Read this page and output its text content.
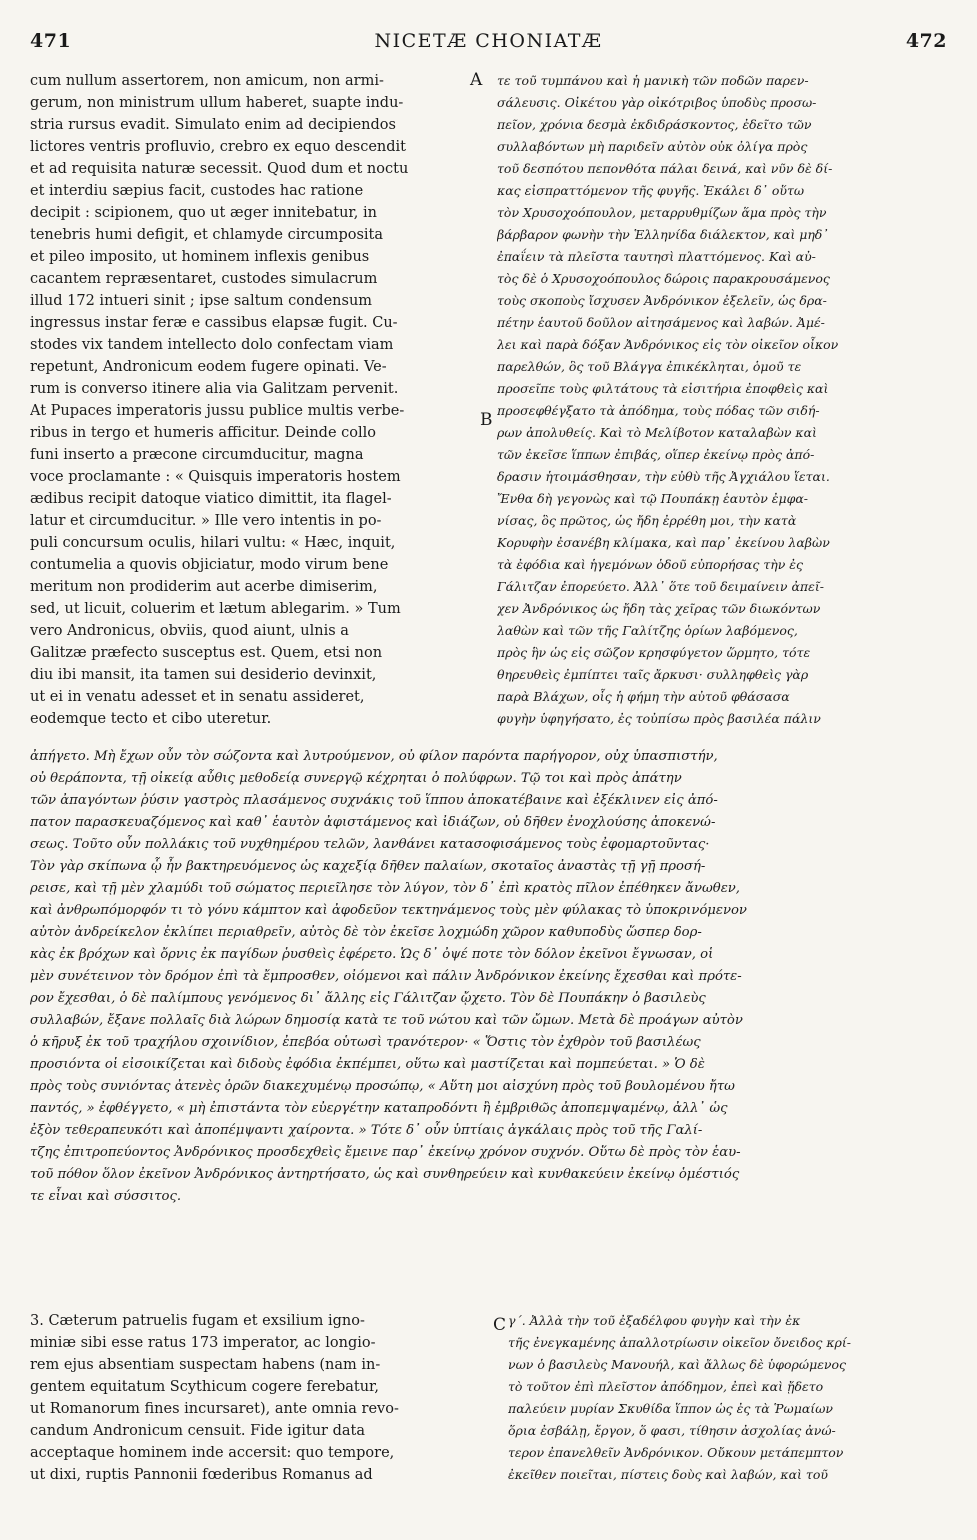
471	NICETÆ CHONIATÆ	472
A
B
C
cum nullum assertorem, non amicum, non armi-
gerum, non ministrum ullum haberet, suapte indu-
stria rursus evadit. Simulato enim ad decipiendos
lictores ventris profluvio, crebro ex equo descendit
et ad requisita naturæ secessit. Quod dum et noctu
et interdiu sæpius facit, custodes hac ratione
decipit : scipionem, quo ut æger innitebatur, in
tenebris humi defigit, et chlamyde circumposita
et pileo imposito, ut hominem inflexis genibus
cacantem repræsentaret, custodes simulacrum
illud 172 intueri sinit ; ipse saltum condensum
ingressus instar feræ e cassibus elapsæ fugit. Cu-
stodes vix tandem intellecto dolo confectam viam
repetunt, Andronicum eodem fugere opinati. Ve-
rum is converso itinere alia via Galitzam pervenit.
At Pupaces imperatoris jussu publice multis verbe-
ribus in tergo et humeris afficitur. Deinde collo
funi inserto a præcone circumducitur, magna
voce proclamante : « Quisquis imperatoris hostem
ædibus recipit datoque viatico dimittit, ita flagel-
latur et circumducitur. » Ille vero intentis in po-
puli concursum oculis, hilari vultu: « Hæc, inquit,
contumelia a quovis objiciatur, modo virum bene
meritum non prodiderim aut acerbe dimiserim,
sed, ut licuit, coluerim et lætum ablegarim. » Tum
vero Andronicus, obviis, quod aiunt, ulnis a
Galitzæ præfecto susceptus est. Quem, etsi non
diu ibi mansit, ita tamen sui desiderio devinxit,
ut ei in venatu adesset et in senatu assideret,
eodemque tecto et cibo uteretur.
τε τοῦ τυμπάνου καὶ ἡ μανικὴ τῶν ποδῶν παρεν-
σάλευσις. Οἰκέτου γὰρ οἰκότριβος ὑποδὺς προσω-
πεῖον, χρόνια δεσμὰ ἐκδιδράσκοντος, ἐδεῖτο τῶν
συλλαβόντων μὴ παριδεῖν αὐτὸν οὐκ ὀλίγα πρὸς
τοῦ δεσπότου πεπονθότα πάλαι δεινά, καὶ νῦν δὲ δί-
κας εἰσπραττόμενον τῆς φυγῆς. Ἐκάλει δ᾽ οὕτω
τὸν Χρυσοχοόπουλον, μεταρρυθμίζων ἅμα πρὸς τὴν
βάρβαρον φωνὴν τὴν Ἑλληνίδα διάλεκτον, καὶ μηδ᾽
ἐπαΐειν τὰ πλεῖστα ταυτησὶ πλαττόμενος. Καὶ αὐ-
τὸς δὲ ὁ Χρυσοχοόπουλος δώροις παρακρουσάμενος
τοὺς σκοποὺς ἴσχυσεν Ἀνδρόνικον ἐξελεῖν, ὡς δρα-
πέτην ἑαυτοῦ δοῦλον αἰτησάμενος καὶ λαβών. Ἀμέ-
λει καὶ παρὰ δόξαν Ἀνδρόνικος εἰς τὸν οἰκεῖον οἶκον
παρελθών, ὃς τοῦ Βλάγγα ἐπικέκληται, ὁμοῦ τε
προσεῖπε τοὺς φιλτάτους τὰ εἰσιτήρια ἐποφθεὶς καὶ
προσεφθέγξατο τὰ ἀπόδημα, τοὺς πόδας τῶν σιδή-
ρων ἀπολυθείς. Καὶ τὸ Μελίβοτον καταλαβὼν καὶ
τῶν ἐκεῖσε ἵππων ἐπιβάς, οἵπερ ἐκείνῳ πρὸς ἀπό-
δρασιν ἡτοιμάσθησαν, τὴν εὐθὺ τῆς Ἀγχιάλου ἵεται.
Ἔνθα δὴ γεγονὼς καὶ τῷ Πουπάκῃ ἑαυτὸν ἐμφα-
νίσας, ὃς πρῶτος, ὡς ἤδη ἐρρέθη μοι, τὴν κατὰ
Κορυφὴν ἐσανέβη κλίμακα, καὶ παρ᾽ ἐκείνου λαβὼν
τὰ ἐφόδια καὶ ἡγεμόνων ὁδοῦ εὐπορήσας τὴν ἐς
Γάλιτζαν ἐπορεύετο. Ἀλλ᾽ ὅτε τοῦ δειμαίνειν ἀπεῖ-
χεν Ἀνδρόνικος ὡς ἤδη τὰς χεῖρας τῶν διωκόντων
λαθὼν καὶ τῶν τῆς Γαλίτζης ὁρίων λαβόμενος,
πρὸς ἣν ὡς εἰς σῶζον κρησφύγετον ὥρμητο, τότε
θηρευθεὶς ἐμπίπτει ταῖς ἄρκυσι· συλληφθεὶς γὰρ
παρὰ Βλάχων, οἷς ἡ φήμη τὴν αὐτοῦ φθάσασα
φυγὴν ὑφηγήσατο, ἐς τοὐπίσω πρὸς βασιλέα πάλιν
ἀπήγετο. Μὴ ἔχων οὖν τὸν σώζοντα καὶ λυτρούμενον, οὐ φίλον παρόντα παρήγορον, οὐχ ὑπασπιστήν,
οὐ θεράποντα, τῇ οἰκείᾳ αὖθις μεθοδείᾳ συνεργῷ κέχρηται ὁ πολύφρων. Τῷ τοι καὶ πρὸς ἀπάτην
τῶν ἀπαγόντων ῥύσιν γαστρὸς πλασάμενος συχνάκις τοῦ ἵππου ἀποκατέβαινε καὶ ἐξέκλινεν εἰς ἀπό-
πατον παρασκευαζόμενος καὶ καθ᾽ ἑαυτὸν ἀφιστάμενος καὶ ἰδιάζων, οὐ δῆθεν ἐνοχλούσης ἀποκενώ-
σεως. Τοῦτο οὖν πολλάκις τοῦ νυχθημέρου τελῶν, λανθάνει κατασοφισάμενος τοὺς ἐφομαρτοῦντας·
Τὸν γὰρ σκίπωνα ᾧ ἦν βακτηρευόμενος ὡς καχεξίᾳ δῆθεν παλαίων, σκοταῖος ἀναστὰς τῇ γῇ προσή-
ρεισε, καὶ τῇ μὲν χλαμύδι τοῦ σώματος περιεῖλησε τὸν λύγον, τὸν δ᾽ ἐπὶ κρατὸς πῖλον ἐπέθηκεν ἄνωθεν,
καὶ ἀνθρωπόμορφόν τι τὸ γόνυ κάμπτον καὶ ἀφοδεῦον τεκτηνάμενος τοὺς μὲν φύλακας τὸ ὑποκρινόμενον
αὐτὸν ἀνδρείκελον ἐκλίπει περιαθρεῖν, αὐτὸς δὲ τὸν ἐκεῖσε λοχμώδη χῶρον καθυποδὺς ὥσπερ δορ-
κὰς ἐκ βρόχων καὶ ὄρνις ἐκ παγίδων ῥυσθεὶς ἐφέρετο. Ὡς δ᾽ ὀψέ ποτε τὸν δόλον ἐκεῖνοι ἔγνωσαν, οἱ
μὲν συνέτεινον τὸν δρόμον ἐπὶ τὰ ἔμπροσθεν, οἰόμενοι καὶ πάλιν Ἀνδρόνικον ἐκείνης ἔχεσθαι καὶ πρότε-
ρον ἔχεσθαι, ὁ δὲ παλίμπους γενόμενος δι᾽ ἄλλης εἰς Γάλιτζαν ᾤχετο. Τὸν δὲ Πουπάκην ὁ βασιλεὺς
συλλαβών, ἔξανε πολλαῖς διὰ λώρων δημοσίᾳ κατὰ τε τοῦ νώτου καὶ τῶν ὤμων. Μετὰ δὲ προάγων αὐτὸν
ὁ κῆρυξ ἐκ τοῦ τραχήλου σχοινίδιον, ἐπεβόα οὑτωσὶ τρανότερον· « Ὅστις τὸν ἐχθρὸν τοῦ βασιλέως
προσιόντα οἱ εἰσοικίζεται καὶ διδοὺς ἐφόδια ἐκπέμπει, οὕτω καὶ μαστίζεται καὶ πομπεύεται. » Ὁ δὲ
πρὸς τοὺς συνιόντας ἀτενὲς ὁρῶν διακεχυμένῳ προσώπῳ, « Αὕτη μοι αἰσχύνη πρὸς τοῦ βουλομένου ἤτω
παντός, » ἐφθέγγετο, « μὴ ἐπιστάντα τὸν εὐεργέτην καταπροδόντι ἢ ἐμβριθῶς ἀποπεμψαμένῳ, ἀλλ᾽ ὡς
ἐξὸν τεθεραπευκότι καὶ ἀποπέμψαντι χαίροντα. » Τότε δ᾽ οὖν ὑπτίαις ἀγκάλαις πρὸς τοῦ τῆς Γαλί-
τζης ἐπιτροπεύοντος Ἀνδρόνικος προσδεχθεὶς ἔμεινε παρ᾽ ἐκείνῳ χρόνον συχνόν. Οὕτω δὲ πρὸς τὸν ἑαυ-
τοῦ πόθον ὅλον ἐκεῖνον Ἀνδρόνικος ἀντηρτήσατο, ὡς καὶ συνθηρεύειν καὶ κυνθακεύειν ἐκείνῳ ὁμέστιός
τε εἶναι καὶ σύσσιτος.
3. Cæterum patruelis fugam et exsilium igno-
miniæ sibi esse ratus 173 imperator, ac longio-
rem ejus absentiam suspectam habens (nam in-
gentem equitatum Scythicum cogere ferebatur,
ut Romanorum fines incursaret), ante omnia revo-
candum Andronicum censuit. Fide igitur data
acceptaque hominem inde accersit: quo tempore,
ut dixi, ruptis Pannonii fœderibus Romanus ad
γ´. Ἀλλὰ τὴν τοῦ ἐξαδέλφου φυγὴν καὶ τὴν ἐκ
τῆς ἐνεγκαμένης ἀπαλλοτρίωσιν οἰκεῖον ὄνειδος κρί-
νων ὁ βασιλεὺς Μανουήλ, καὶ ἄλλως δὲ ὑφορώμενος
τὸ τοῦτον ἐπὶ πλεῖστον ἀπόδημον, ἐπεὶ καὶ ᾔδετο
παλεύειν μυρίαν Σκυθίδα ἵππον ὡς ἐς τὰ Ῥωμαίων
ὅρια ἐσβάλῃ, ἔργον, ὅ φασι, τίθησιν ἀσχολίας ἀνώ-
τερον ἐπανελθεῖν Ἀνδρόνικον. Οὔκουν μετάπεμπτον
ἐκεῖθεν ποιεῖται, πίστεις δοὺς καὶ λαβών, καὶ τοῦ
